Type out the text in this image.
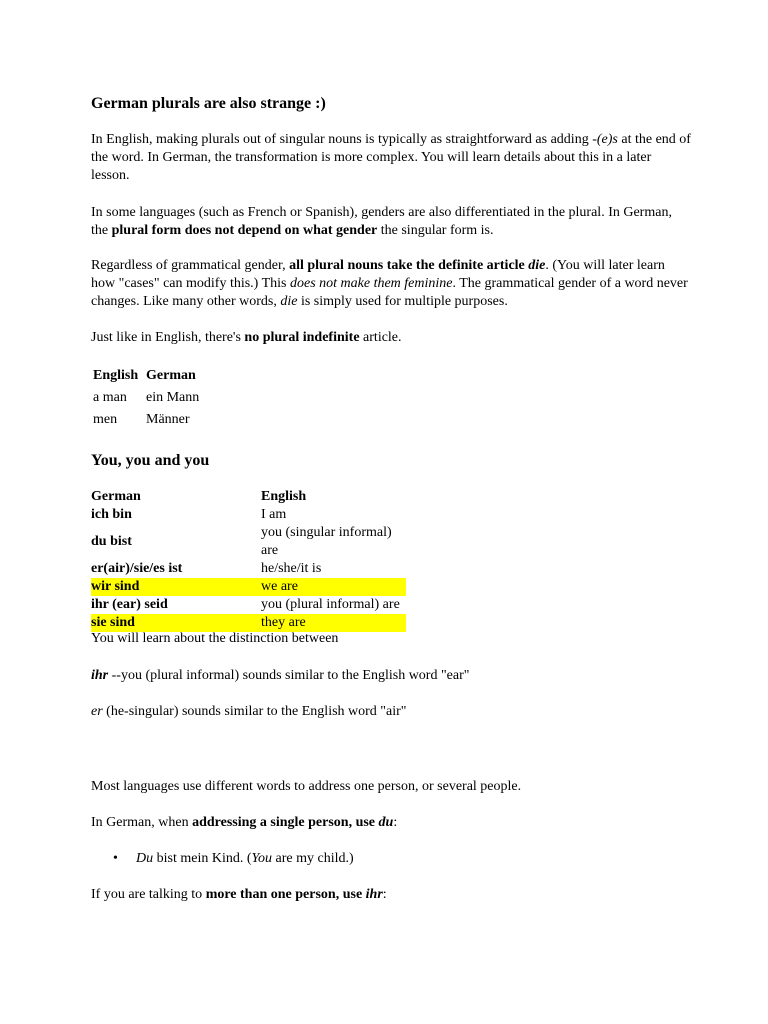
German plurals are also strange :)

In English, making plurals out of singular nouns is typically as straightforward as adding -(e)s at the end of the word. In German, the transformation is more complex. You will learn details about this in a later lesson.

In some languages (such as French or Spanish), genders are also differentiated in the plural. In German, the plural form does not depend on what gender the singular form is.

Regardless of grammatical gender, all plural nouns take the definite article die. (You will later learn how "cases" can modify this.) This does not make them feminine. The grammatical gender of a word never changes. Like many other words, die is simply used for multiple purposes.

Just like in English, there's no plural indefinite article.

English	German
a man	ein Mann
men	Männer
You, you and you
German	English
ich bin	I am
du bist	you (singular informal) are
er(air)/sie/es ist	he/she/it is
wir sind	we are
ihr (ear) seid	you (plural informal) are
sie sind	they are

You will learn about the distinction between

ihr --you (plural informal) sounds similar to the English word "ear"

er (he-singular) sounds similar to the English word "air"

Most languages use different words to address one person, or several people.

In German, when addressing a single person, use du:

•	Du bist mein Kind. (You are my child.)

If you are talking to more than one person, use ihr:
